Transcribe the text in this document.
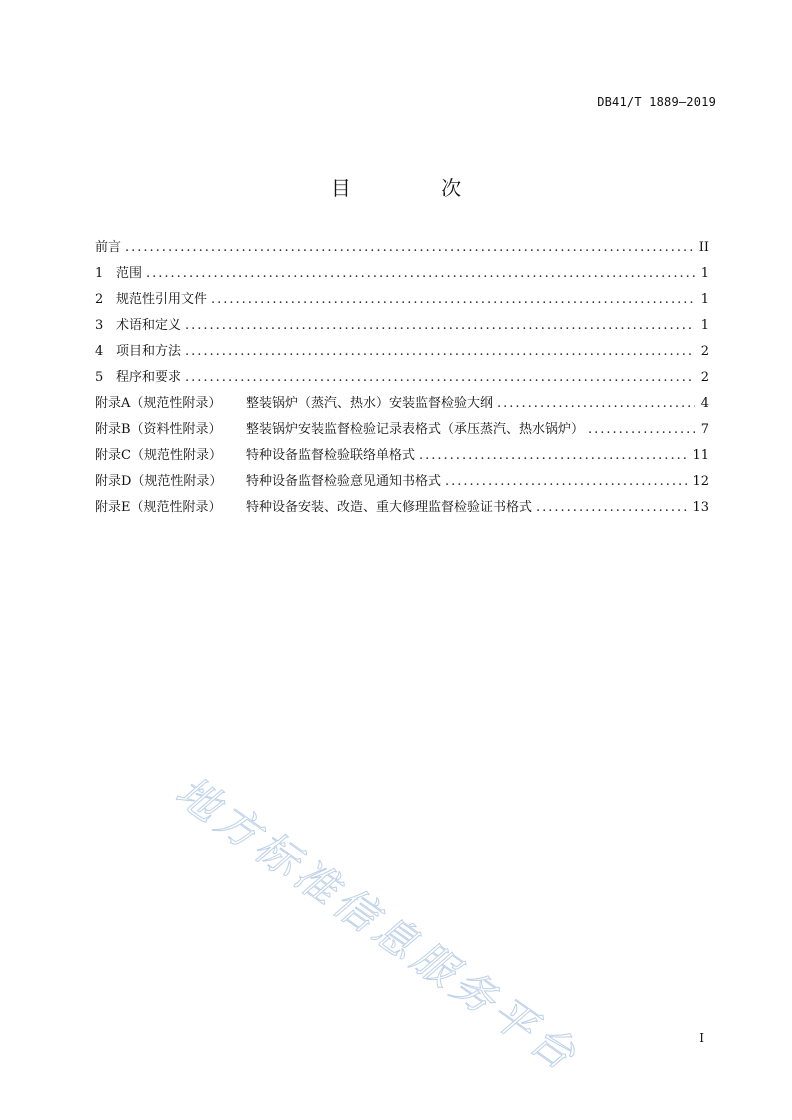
DB41/T 1889—2019
目 次
前言 .....	II
1 范围 .....	1
2 规范性引用文件 .....	1
3 术语和定义 .....	1
4 项目和方法 .....	2
5 程序和要求 .....	2
附录A（规范性附录） 整装锅炉（蒸汽、热水）安装监督检验大纲 .....	4
附录B（资料性附录） 整装锅炉安装监督检验记录表格式（承压蒸汽、热水锅炉） .....	7
附录C（规范性附录） 特种设备监督检验联络单格式 .....	11
附录D（规范性附录） 特种设备监督检验意见通知书格式 .....	12
附录E（规范性附录） 特种设备安装、改造、重大修理监督检验证书格式 .....	13
地方标准信息服务平台	I
